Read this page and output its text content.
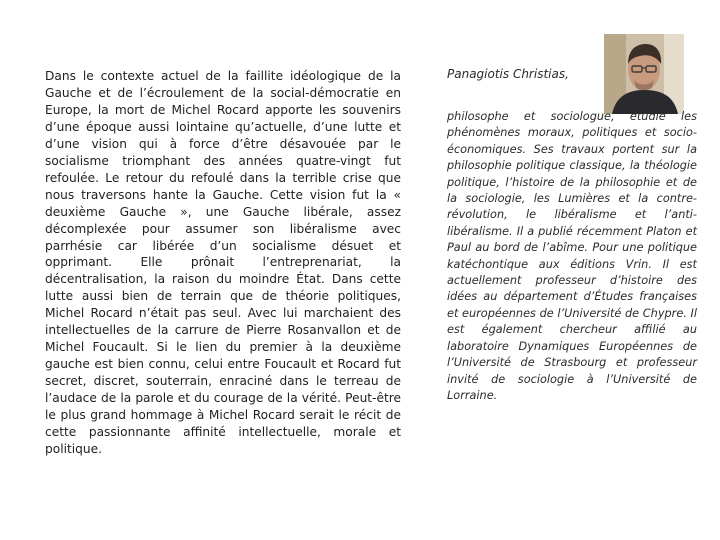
Dans le contexte actuel de la faillite idéologique de la Gauche et de l’écroulement de la social-démocratie en Europe, la mort de Michel Rocard apporte les souvenirs d’une époque aussi lointaine qu’actuelle, d’une lutte et d’une vision qui à force d’être désavouée par le socialisme triomphant des années quatre-vingt fut refoulée. Le retour du refoulé dans la terrible crise que nous traversons hante la Gauche. Cette vision fut la « deuxième Gauche », une Gauche libérale, assez décomplexée pour assumer son libéralisme avec parrhésie car libérée d’un socialisme désuet et opprimant. Elle prônait l’entreprenariat, la décentralisation, la raison du moindre État. Dans cette lutte aussi bien de terrain que de théorie politiques, Michel Rocard n’était pas seul. Avec lui marchaient des intellectuelles de la carrure de Pierre Rosanvallon et de Michel Foucault. Si le lien du premier à la deuxième gauche est bien connu, celui entre Foucault et Rocard fut secret, discret, souterrain, enraciné dans le terreau de l’audace de la parole et du courage de la vérité. Peut-être le plus grand hommage à Michel Rocard serait le récit de cette passionnante affinité intellectuelle, morale et politique.

Panagiotis Christias,

philosophe et sociologue, étudie les phénomènes moraux, politiques et socio-économiques. Ses travaux portent sur la philosophie politique classique, la théologie politique, l’histoire de la philosophie et de la sociologie, les Lumières et la contre-révolution, le libéralisme et l’anti-libéralisme. Il a publié récemment Platon et Paul au bord de l’abîme. Pour une politique katéchontique aux éditions Vrin. Il est actuellement professeur d’histoire des idées au département d’Études françaises et européennes de l’Université de Chypre. Il est également chercheur affilié au laboratoire Dynamiques Européennes de l’Université de Strasbourg et professeur invité de sociologie à l’Université de Lorraine.
